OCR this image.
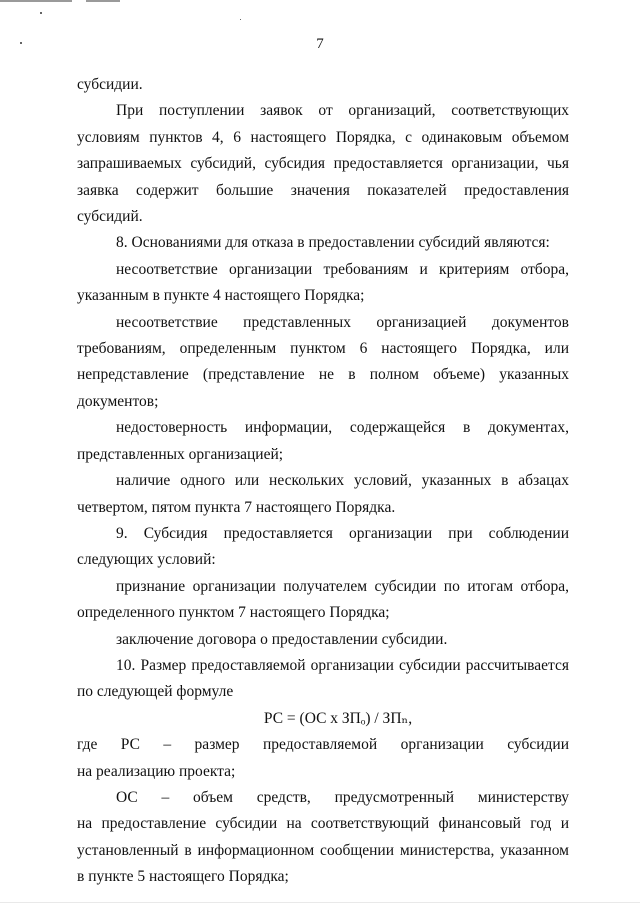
7

субсидии.

При поступлении заявок от организаций, соответствующих условиям пунктов 4, 6 настоящего Порядка, с одинаковым объемом запрашиваемых субсидий, субсидия предоставляется организации, чья заявка содержит большие значения показателей предоставления субсидий.

8. Основаниями для отказа в предоставлении субсидий являются:

несоответствие организации требованиям и критериям отбора, указанным в пункте 4 настоящего Порядка;

несоответствие представленных организацией документов

требованиям, определенным пунктом 6 настоящего Порядка, или непредставление (представление не в полном объеме) указанных документов;

недостоверность информации, содержащейся в документах,

представленных организацией;

наличие одного или нескольких условий, указанных в абзацах четвертом, пятом пункта 7 настоящего Порядка.

9. Субсидия предоставляется организации при соблюдении

следующих условий:

признание организации получателем субсидии по итогам отбора, определенного пунктом 7 настоящего Порядка;

заключение договора о предоставлении субсидии.

10. Размер предоставляемой организации субсидии рассчитывается по следующей формуле

РС = (ОС х ЗПₒ) / ЗПₙ,

где РС – размер предоставляемой организации субсидии

на реализацию проекта;

ОС – объем средств, предусмотренный министерству

на предоставление субсидии на соответствующий финансовый год и установленный в информационном сообщении министерства, указанном в пункте 5 настоящего Порядка;
